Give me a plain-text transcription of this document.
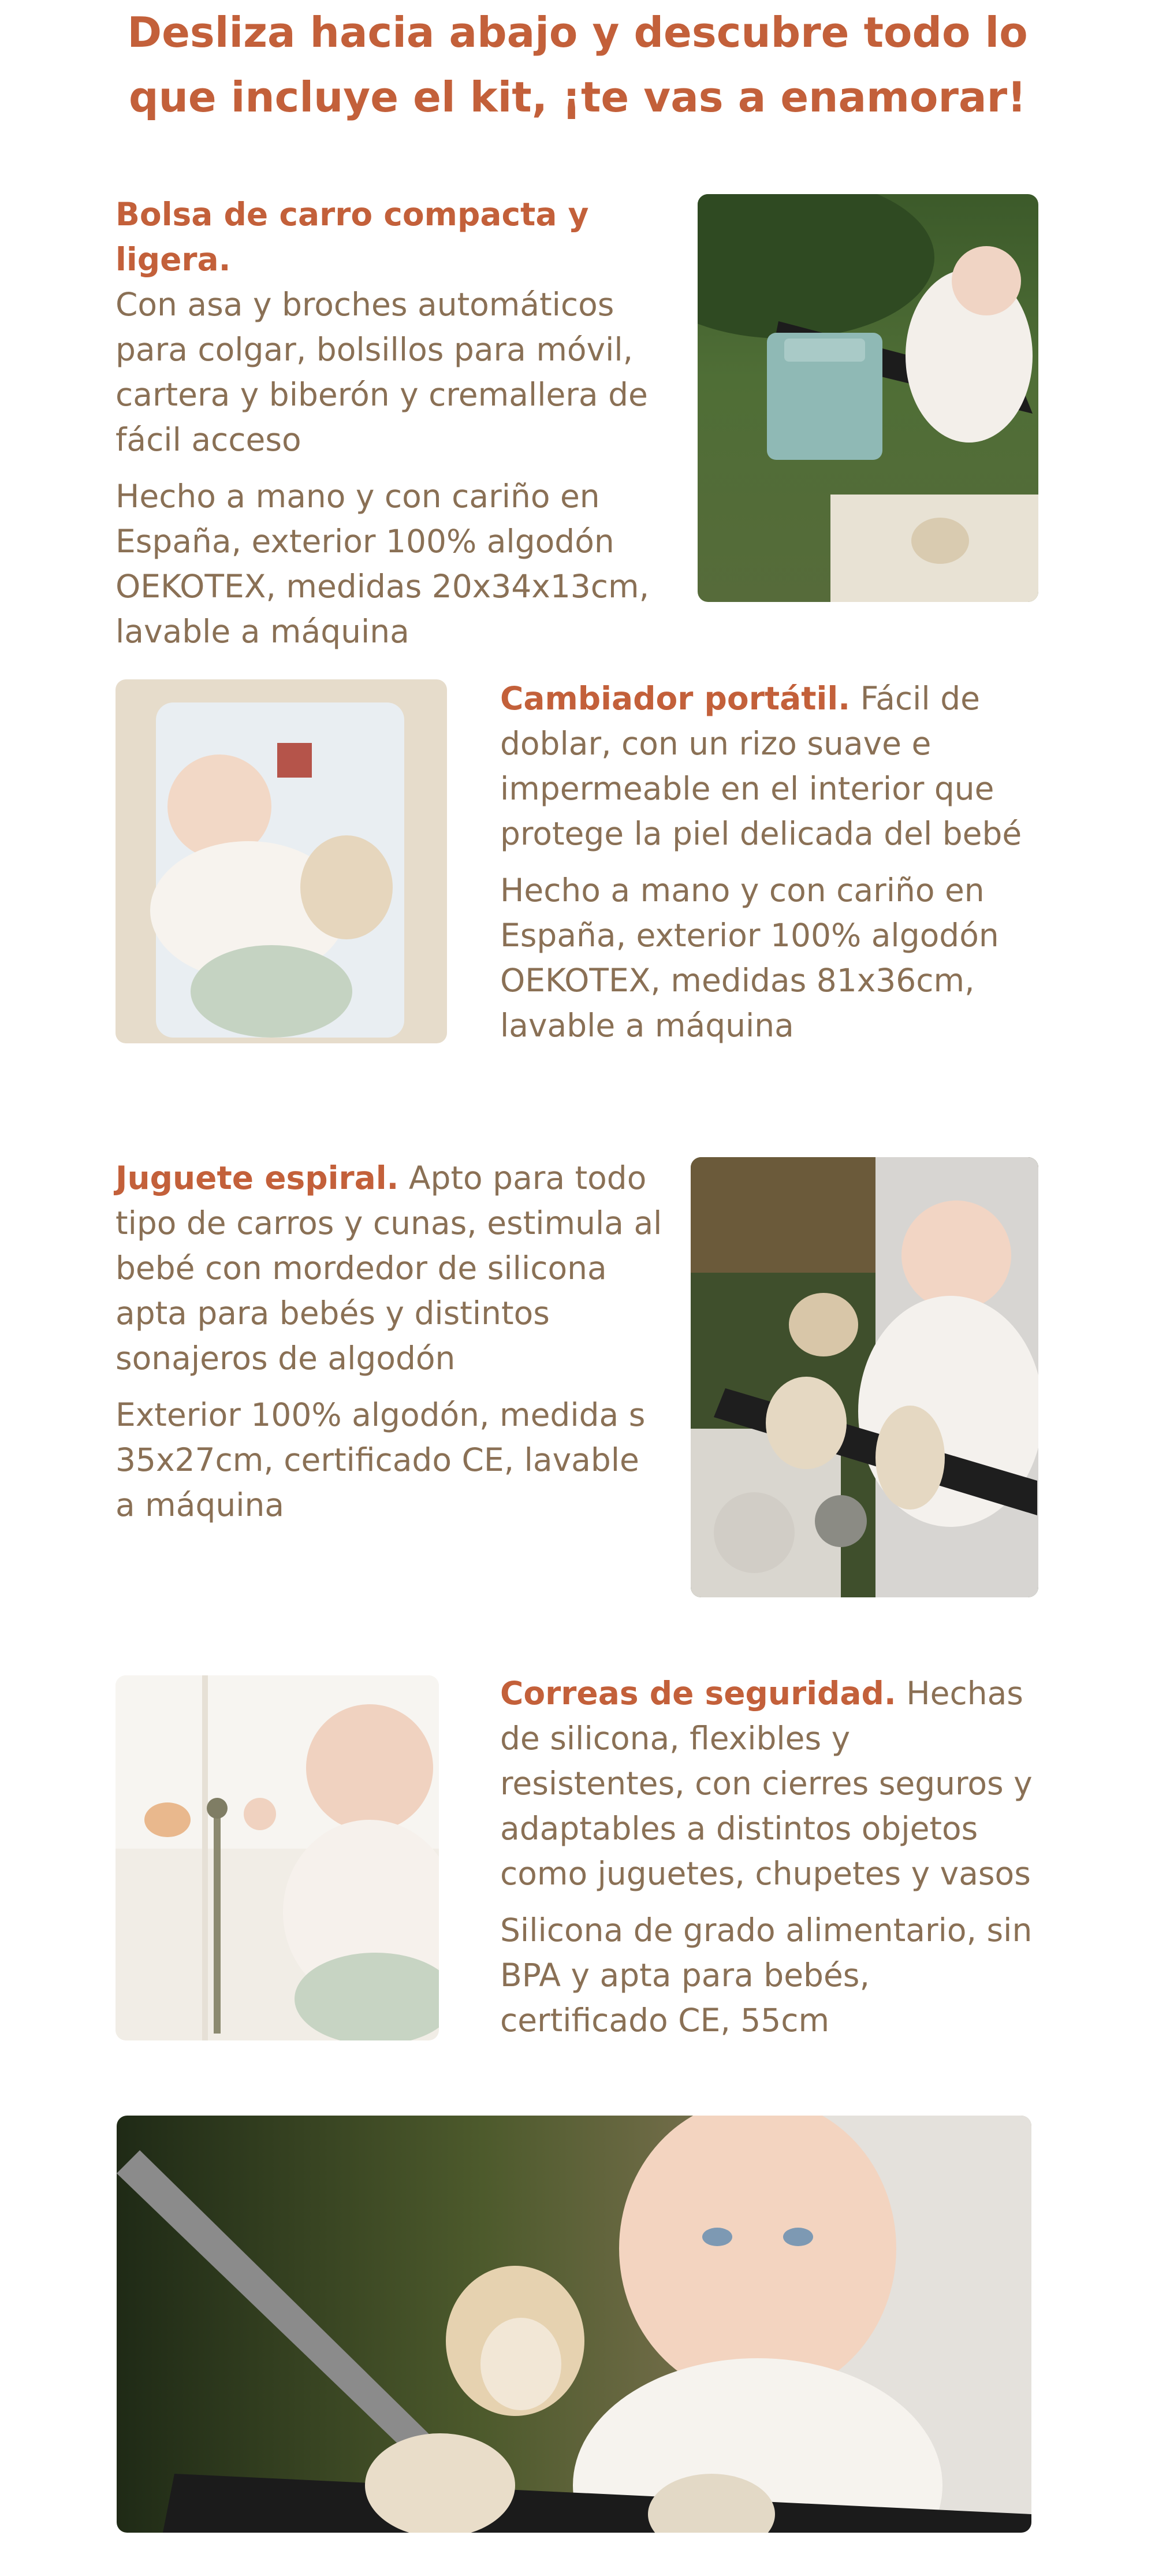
Desliza hacia abajo y descubre todo lo
que incluye el kit, ¡te vas a enamorar!

Bolsa de carro compacta y ligera.
Con asa y broches automáticos para colgar, bolsillos para móvil, cartera y biberón y cremallera de fácil acceso

Hecho a mano y con cariño en España, exterior 100% algodón OEKOTEX, medidas 20x34x13cm, lavable a máquina

Cambiador portátil. Fácil de doblar, con un rizo suave e impermeable en el interior que protege la piel delicada del bebé

Hecho a mano y con cariño en España, exterior 100% algodón OEKOTEX, medidas 81x36cm, lavable a máquina

Juguete espiral. Apto para todo tipo de carros y cunas, estimula al bebé con mordedor de silicona apta para bebés y distintos sonajeros de algodón

Exterior 100% algodón, medida s 35x27cm, certificado CE, lavable a máquina

Correas de seguridad. Hechas de silicona, flexibles y resistentes, con cierres seguros y adaptables a distintos objetos como juguetes, chupetes y vasos

Silicona de grado alimentario, sin BPA y apta para bebés, certificado CE, 55cm
